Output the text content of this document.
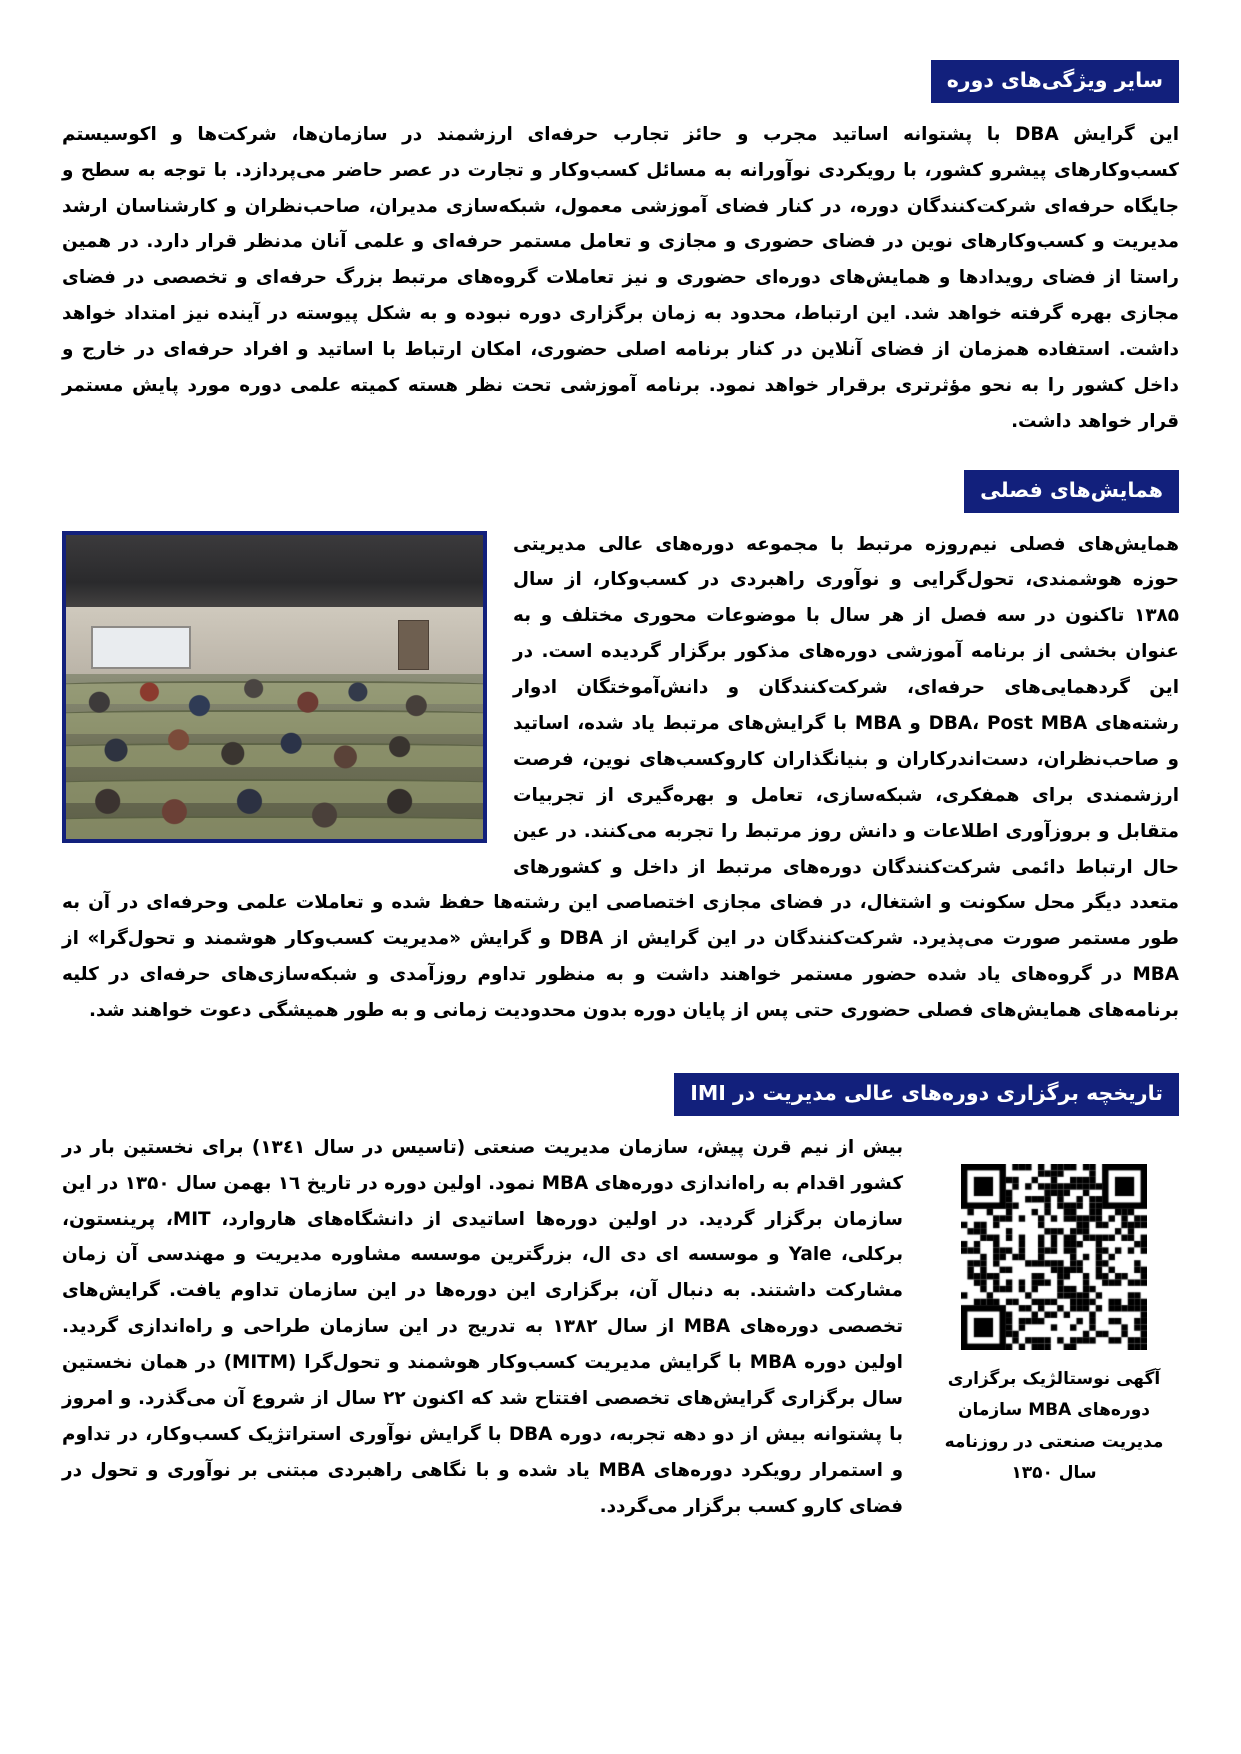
سایر ویژگی‌های دوره

این گرایش DBA با پشتوانه اساتید مجرب و حائز تجارب حرفه‌ای ارزشمند در سازمان‌ها، شرکت‌ها و اکوسیستم کسب‌وکارهای پیشرو کشور، با رویکردی نوآورانه به مسائل کسب‌وکار و تجارت در عصر حاضر می‌پردازد. با توجه به سطح و جایگاه حرفه‌ای شرکت‌کنندگان دوره، در کنار فضای آموزشی معمول، شبکه‌سازی مدیران، صاحب‌نظران و کارشناسان ارشد مدیریت و کسب‌وکارهای نوین در فضای حضوری و مجازی و تعامل مستمر حرفه‌ای و علمی آنان مدنظر قرار دارد. در همین راستا از فضای رویدادها و همایش‌های دوره‌ای حضوری و نیز تعاملات گروه‌های مرتبط بزرگ حرفه‌ای و تخصصی در فضای مجازی بهره گرفته خواهد شد. این ارتباط، محدود به زمان برگزاری دوره نبوده و به شکل پیوسته در آینده نیز امتداد خواهد داشت. استفاده همزمان از فضای آنلاین در کنار برنامه اصلی حضوری، امکان ارتباط با اساتید و افراد حرفه‌ای در خارج و داخل کشور را به نحو مؤثرتری برقرار خواهد نمود. برنامه آموزشی تحت نظر هسته کمیته علمی دوره مورد پایش مستمر قرار خواهد داشت.

همایش‌های فصلی

همایش‌های فصلی نیم‌روزه مرتبط با مجموعه دوره‌های عالی مدیریتی حوزه هوشمندی، تحول‌گرایی و نوآوری راهبردی در کسب‌وکار، از سال ۱۳۸۵ تاکنون در سه فصل از هر سال با موضوعات محوری مختلف و به عنوان بخشی از برنامه آموزشی دوره‌های مذکور برگزار گردیده است. در این گردهمایی‌های حرفه‌ای، شرکت‌کنندگان و دانش‌آموختگان ادوار رشته‌های DBA، Post MBA و MBA با گرایش‌های مرتبط یاد شده، اساتید و صاحب‌نظران، دست‌اندرکاران و بنیانگذاران کاروکسب‌های نوین، فرصت ارزشمندی برای همفکری، شبکه‌سازی، تعامل و بهره‌گیری از تجربیات متقابل و بروزآوری اطلاعات و دانش روز مرتبط را تجربه می‌کنند. در عین حال ارتباط دائمی شرکت‌کنندگان دوره‌های مرتبط از داخل و کشورهای متعدد دیگر محل سکونت و اشتغال، در فضای مجازی اختصاصی این رشته‌ها حفظ شده و تعاملات علمی وحرفه‌ای در آن به طور مستمر صورت می‌پذیرد. شرکت‌کنندگان در این گرایش از DBA و گرایش «مدیریت کسب‌وکار هوشمند و تحول‌گرا» از MBA در گروه‌های یاد شده حضور مستمر خواهند داشت و به منظور تداوم روزآمدی و شبکه‌سازی‌های حرفه‌ای در کلیه برنامه‌های همایش‌های فصلی حضوری حتی پس از پایان دوره بدون محدودیت زمانی و به طور همیشگی دعوت خواهند شد.

تاریخچه برگزاری دوره‌های عالی مدیریت در IMI
آگهی نوستالژیک برگزاری دوره‌های MBA سازمان مدیریت صنعتی در روزنامه سال ۱۳۵۰

بیش از نیم قرن پیش، سازمان مدیریت صنعتی (تاسیس در سال ۱۳٤۱) برای نخستین بار در کشور اقدام به راه‌اندازی دوره‌های MBA نمود. اولین دوره در تاریخ ۱٦ بهمن سال ۱۳۵۰ در این سازمان برگزار گردید. در اولین دوره‌ها اساتیدی از دانشگاه‌های هاروارد، MIT، پرینستون، برکلی، Yale و موسسه ای دی ال، بزرگترین موسسه مشاوره مدیریت و مهندسی آن زمان مشارکت داشتند. به دنبال آن، برگزاری این دوره‌ها در این سازمان تداوم یافت. گرایش‌های تخصصی دوره‌های MBA از سال ۱۳۸۲ به تدریج در این سازمان طراحی و راه‌اندازی گردید. اولین دوره MBA با گرایش مدیریت کسب‌وکار هوشمند و تحول‌گرا (MITM) در همان نخستین سال برگزاری گرایش‌های تخصصی افتتاح شد که اکنون ۲۲ سال از شروع آن می‌گذرد. و امروز با پشتوانه بیش از دو دهه تجربه، دوره DBA با گرایش نوآوری استراتژیک کسب‌وکار، در تداوم و استمرار رویکرد دوره‌های MBA یاد شده و با نگاهی راهبردی مبتنی بر نوآوری و تحول در فضای کارو کسب برگزار می‌گردد.
